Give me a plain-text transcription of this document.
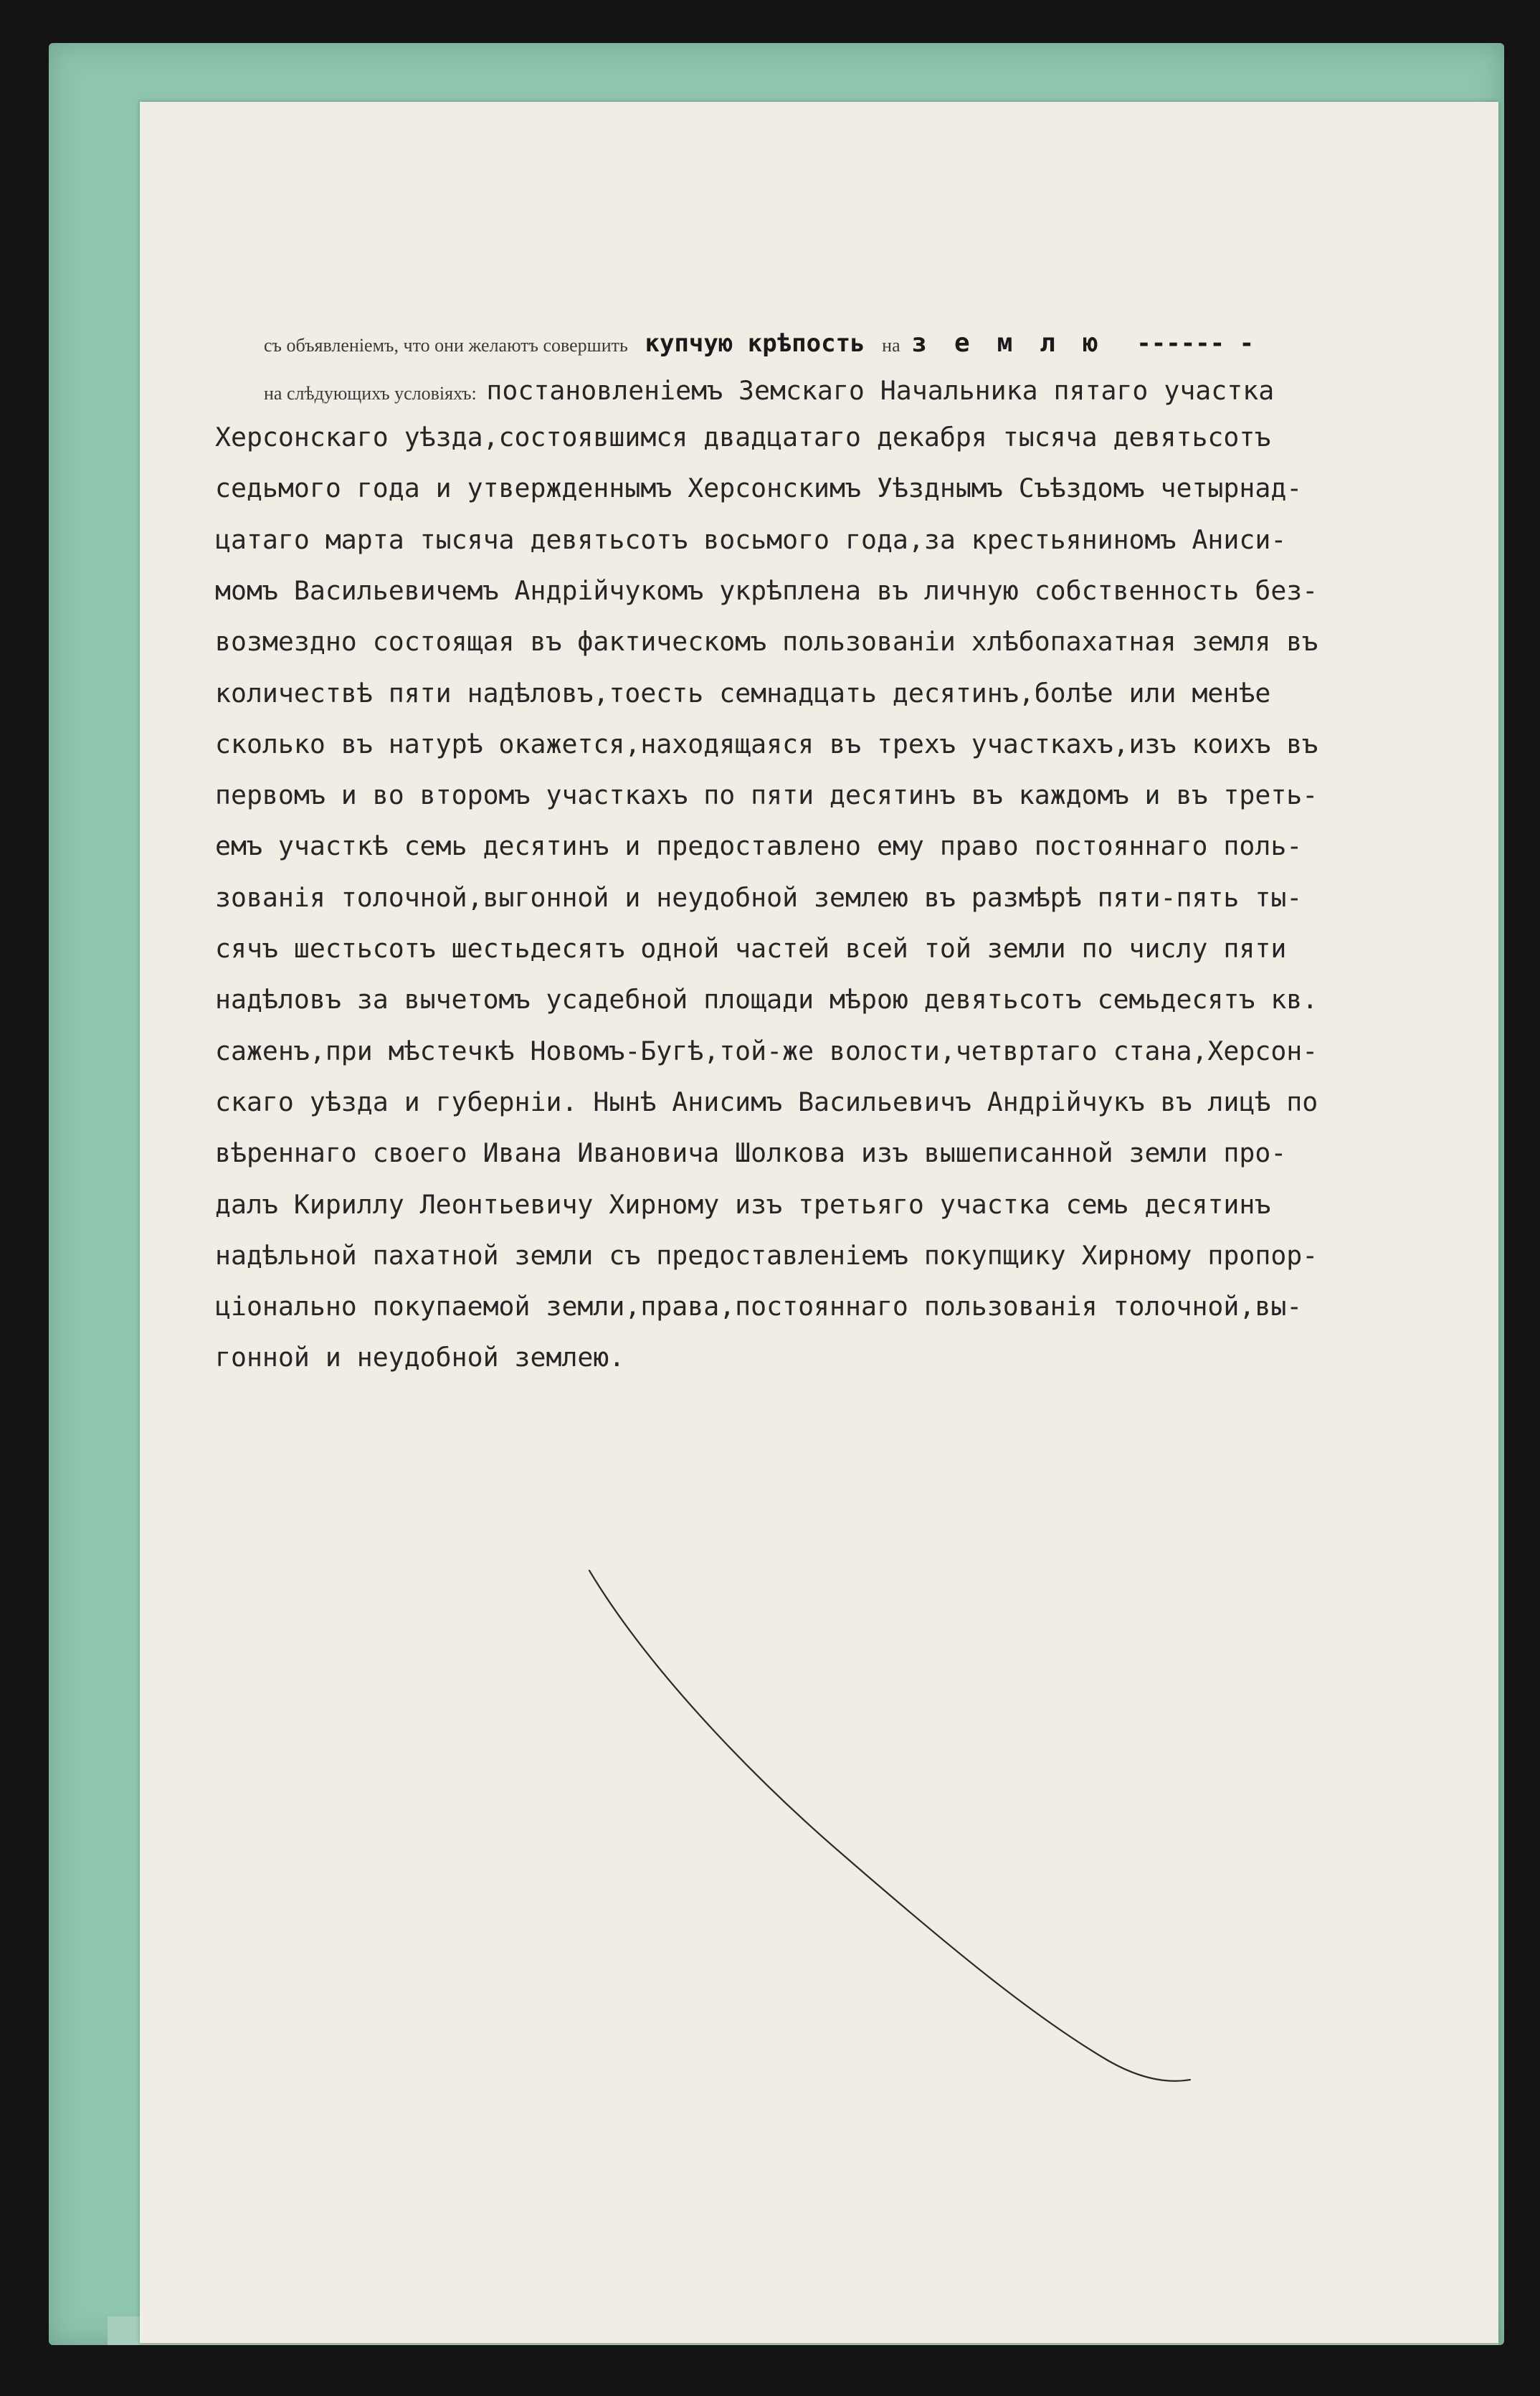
съ объявленіемъ, что они желаютъ совершить купчую крѣпость на землю ------ -
на слѣдующихъ условіяхъ: постановленіемъ Земскаго Начальника пятаго участка
Херсонскаго уѣзда,состоявшимся двадцатаго декабря тысяча девятьсотъ
седьмого года и утвержденнымъ Херсонскимъ Уѣзднымъ Съѣздомъ четырнад-
цатаго марта тысяча девятьсотъ восьмого года,за крестьяниномъ Аниси-
момъ Васильевичемъ Андрійчукомъ укрѣплена въ личную собственность без-
возмездно состоящая въ фактическомъ пользованіи хлѣбопахатная земля въ
количествѣ пяти надѣловъ,тоесть семнадцать десятинъ,болѣе или менѣе
сколько въ натурѣ окажется,находящаяся въ трехъ участкахъ,изъ коихъ въ
первомъ и во второмъ участкахъ по пяти десятинъ въ каждомъ и въ треть-
емъ участкѣ семь десятинъ и предоставлено ему право постояннаго поль-
зованія толочной,выгонной и неудобной землею въ размѣрѣ пяти-пять ты-
сячъ шестьсотъ шестьдесятъ одной частей всей той земли по числу пяти
надѣловъ за вычетомъ усадебной площади мѣрою девятьсотъ семьдесятъ кв.
саженъ,при мѣстечкѣ Новомъ-Бугѣ,той-же волости,четвртаго стана,Херсон-
скаго уѣзда и губерніи. Нынѣ Анисимъ Васильевичъ Андрійчукъ въ лицѣ по
вѣреннаго своего Ивана Ивановича Шолкова изъ вышеписанной земли про-
далъ Кириллу Леонтьевичу Хирному изъ третьяго участка семь десятинъ
надѣльной пахатной земли съ предоставленіемъ покупщику Хирному пропор-
ціонально покупаемой земли,права,постояннаго пользованія толочной,вы-
гонной и неудобной землею.
